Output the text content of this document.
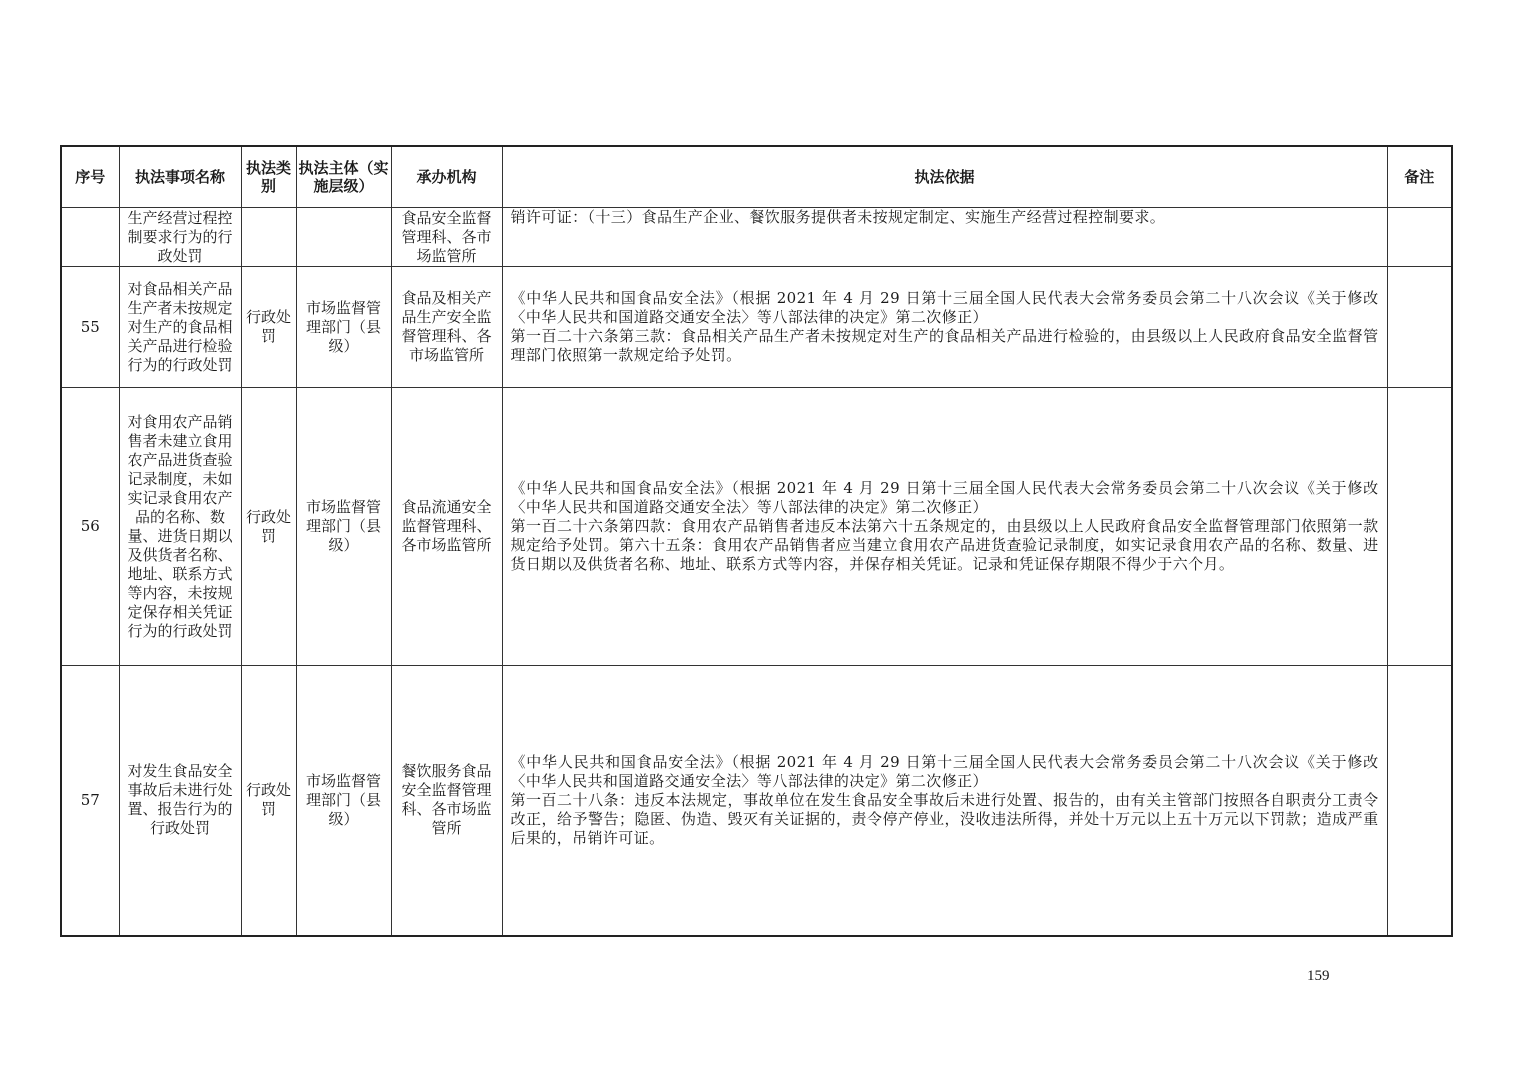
序号	执法事项名称	执法类别	执法主体（实施层级）	承办机构	执法依据	备注
	生产经营过程控制要求行为的行政处罚			食品安全监督管理科、各市场监管所	销许可证：（十三）食品生产企业、餐饮服务提供者未按规定制定、实施生产经营过程控制要求。	

55	对食品相关产品生产者未按规定对生产的食品相关产品进行检验行为的行政处罚	行政处罚	市场监督管理部门（县级）	食品及相关产品生产安全监督管理科、各市场监管所	《中华人民共和国食品安全法》（根据 2021 年 4 月 29 日第十三届全国人民代表大会常务委员会第二十八次会议《关于修改〈中华人民共和国道路交通安全法〉等八部法律的决定》第二次修正）

第一百二十六条第三款：食品相关产品生产者未按规定对生产的食品相关产品进行检验的，由县级以上人民政府食品安全监督管理部门依照第一款规定给予处罚。	

56	对食用农产品销售者未建立食用农产品进货查验记录制度，未如实记录食用农产品的名称、数量、进货日期以及供货者名称、地址、联系方式等内容，未按规定保存相关凭证行为的行政处罚	行政处罚	市场监督管理部门（县级）	食品流通安全监督管理科、各市场监管所	《中华人民共和国食品安全法》（根据 2021 年 4 月 29 日第十三届全国人民代表大会常务委员会第二十八次会议《关于修改〈中华人民共和国道路交通安全法〉等八部法律的决定》第二次修正）

第一百二十六条第四款：食用农产品销售者违反本法第六十五条规定的，由县级以上人民政府食品安全监督管理部门依照第一款规定给予处罚。第六十五条：食用农产品销售者应当建立食用农产品进货查验记录制度，如实记录食用农产品的名称、数量、进货日期以及供货者名称、地址、联系方式等内容，并保存相关凭证。记录和凭证保存期限不得少于六个月。	

57	对发生食品安全事故后未进行处置、报告行为的行政处罚	行政处罚	市场监督管理部门（县级）	餐饮服务食品安全监督管理科、各市场监管所	《中华人民共和国食品安全法》（根据 2021 年 4 月 29 日第十三届全国人民代表大会常务委员会第二十八次会议《关于修改〈中华人民共和国道路交通安全法〉等八部法律的决定》第二次修正）

第一百二十八条：违反本法规定，事故单位在发生食品安全事故后未进行处置、报告的，由有关主管部门按照各自职责分工责令改正，给予警告；隐匿、伪造、毁灭有关证据的，责令停产停业，没收违法所得，并处十万元以上五十万元以下罚款；造成严重后果的，吊销许可证。	

159
